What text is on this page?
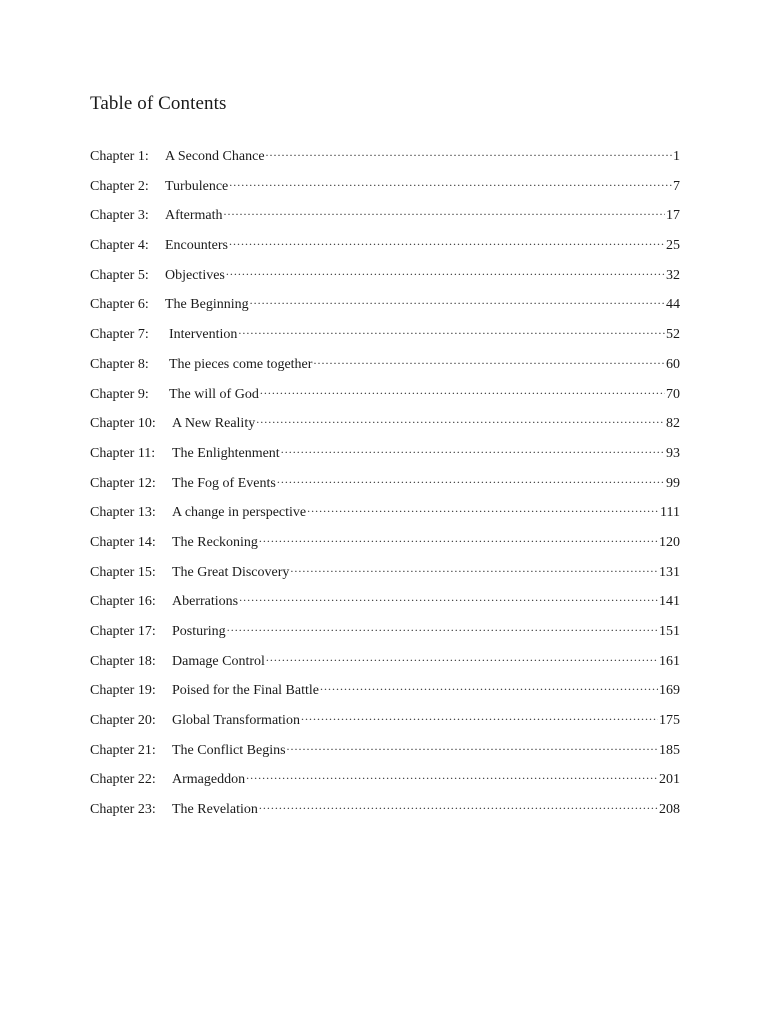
Table of Contents
Chapter 1:	A Second Chance .....	1
Chapter 2:	Turbulence .....	7
Chapter 3:	Aftermath .....	17
Chapter 4:	Encounters .....	25
Chapter 5:	Objectives .....	32
Chapter 6:	The Beginning .....	44
Chapter 7:	Intervention .....	52
Chapter 8:	The pieces come together .....	60
Chapter 9:	The will of God .....	70
Chapter 10:	A New Reality .....	82
Chapter 11:	The Enlightenment .....	93
Chapter 12:	The Fog of Events .....	99
Chapter 13:	A change in perspective .....	111
Chapter 14:	The Reckoning .....	120
Chapter 15:	The Great Discovery .....	131
Chapter 16:	Aberrations .....	141
Chapter 17:	Posturing .....	151
Chapter 18:	Damage Control .....	161
Chapter 19:	Poised for the Final Battle .....	169
Chapter 20:	Global Transformation .....	175
Chapter 21:	The Conflict Begins .....	185
Chapter 22:	Armageddon .....	201
Chapter 23:	The Revelation .....	208
